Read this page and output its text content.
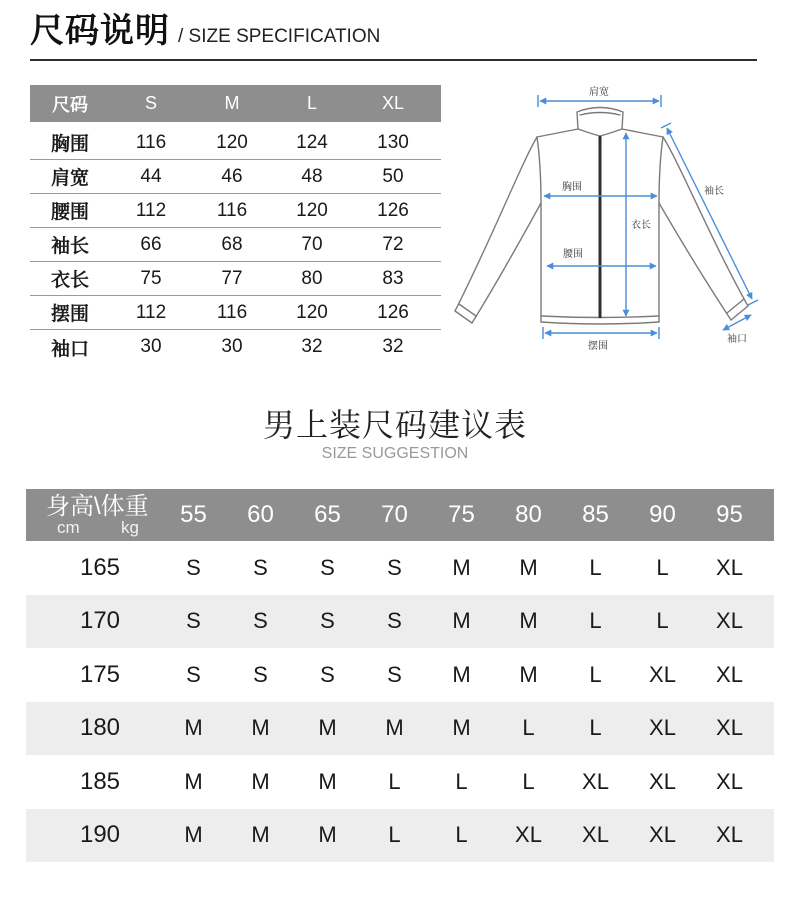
尺码说明 / SIZE SPECIFICATION
尺码	S	M	L	XL
胸围	116	120	124	130
肩宽	44	46	48	50
腰围	112	116	120	126
袖长	66	68	70	72
衣长	75	77	80	83
摆围	112	116	120	126
袖口	30	30	32	32
肩宽
胸围
腰围
衣长
摆围
袖长
袖口
男上装尺码建议表
SIZE SUGGESTION
身高\体重
cm kg	55	60	65	70	75	80	85	90	95
165	S	S	S	S	M	M	L	L	XL
170	S	S	S	S	M	M	L	L	XL
175	S	S	S	S	M	M	L	XL	XL
180	M	M	M	M	M	L	L	XL	XL
185	M	M	M	L	L	L	XL	XL	XL
190	M	M	M	L	L	XL	XL	XL	XL
